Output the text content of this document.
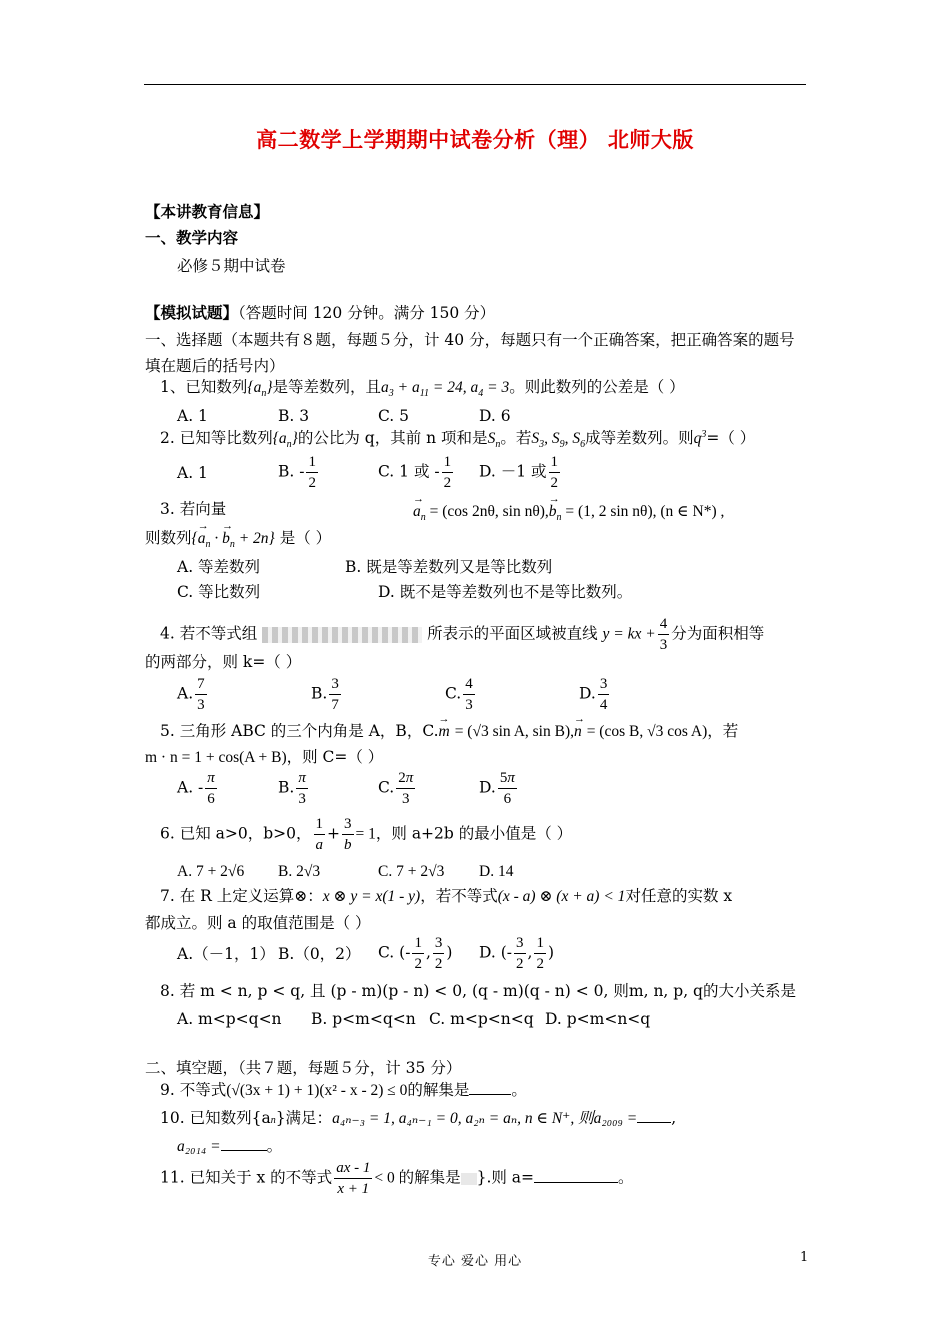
高二数学上学期期中试卷分析（理） 北师大版
【本讲教育信息】
一、教学内容
必修５期中试卷
【模拟试题】（答题时间 120 分钟。满分 150 分）
一、选择题（本题共有８题，每题５分，计 40 分，每题只有一个正确答案，把正确答案的题号
填在题后的括号内）
1、已知数列$\{a_n\}$是等差数列，且$a_3 + a_{11} = 24$, $a_4 = 3$。则此数列的公差是（ ）
A. 1	B. 3	C. 5	D. 6
2. 已知等比数列$\{a_n\}$的公比为 q，其前 n 项和是$S_n$。若$S_3$, $S_9$, $S_6$成等差数列。则$q^3=$（ ）
A. 1	B. - $\frac{1}{2}$	C. 1 或 - $\frac{1}{2} D$. －1 或 $\frac{1}{2}$
3. 若向量
→	$a_n = (\cos$ 2nθ, $\sin n\theta),\to b_n = (1$, 2 sin nθ), (n ∈ N*) ,
则数列{→ $a_n$ · → $b_n + 2n$} 是（ ）
A. 等差数列	B. 既是等差数列又是等比数列
C. 等比数列	D. 既不是等差数列也不是等比数列。
4. 若不等式组	所表示的平面区域被直线 y = kx + $\frac{4}{3}$ 分为面积相等
的两部分，则 k=（ ）
A. $\frac{7}{3}$	B. $\frac{3}{7}$	C. $\frac{4}{3}$	D. $\frac{3}{4}$
5. 三角形 ABC 的三个内角是 A，B，C.→ m = (√3 sin A, sin B),→ n = (cos B, √3 cos A)，若
m · n = 1 + cos(A + B)，则 C=（ ）
A. - $\frac{\pi}{6}$	B. $\frac{\pi}{3}$	C. $\frac{2\pi}{3}$	D. $\frac{5\pi}{6}$
6. 已知 a>0，b>0， $\frac{1}{a} + \frac{3}{b} = 1$，则 a+2b 的最小值是（ ）
A. 7 + 2√6 B. 2√3	C. 7 + 2√3 D. 14
7. 在 R 上定义运算⊗：x ⊗ y = x(1 - y)，若不等式(x - a) ⊗ (x + a) < 1对任意的实数 x
都成立。则 a 的取值范围是（ ）
A.（－1，1） B.（0，2） C. (- $\frac{1}{2}$ , $\frac{3}{2}$ ) D. (- $\frac{3}{2}$ , $\frac{1}{2}$ )
8. 若 m < n, p < q, 且 (p - m)(p - n) < 0, (q - m)(q - n) < 0, 则m, n, p, q的大小关系是
A. m<p<q<n B. p<m<q<n C. m<p<n<q D. p<m<n<q
二、填空题，（共７题，每题５分，计 35 分）
9. 不等式(√(3x + 1) + 1)(x² - x - 2) ≤ 0的解集是	。
10. 已知数列{an}满足：a₄ₙ₋₃ = 1, a₄ₙ₋₁ = 0, a₂ₙ = aₙ, n ∈ N⁺, 则a₂₀₀₉ = ,
a₂₀₁₄ =	。
11. 已知关于 x 的不等式 $\frac{ax - 1}{x + 1} < 0$ 的解集是 }.则 a=	。
专心 爱心 用心	1
